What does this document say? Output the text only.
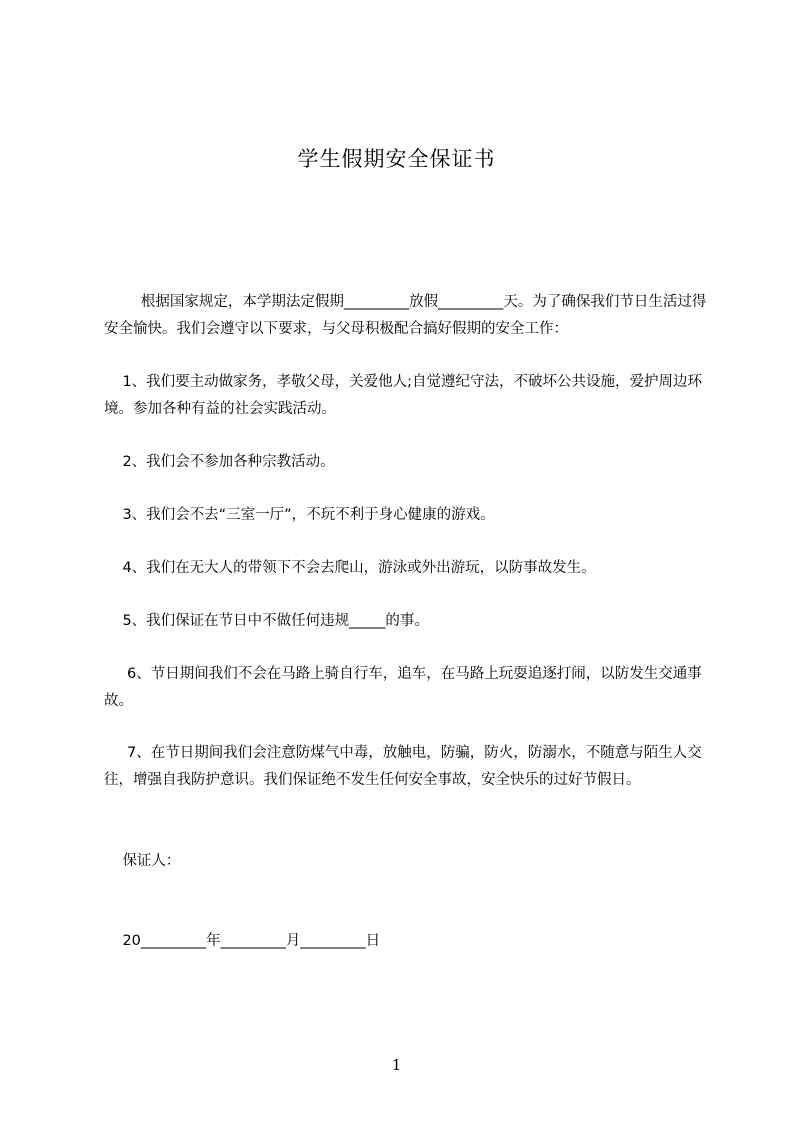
学生假期安全保证书
根据国家规定，本学期法定假期_________放假_________天。为了确保我们节日生活过得安全愉快。我们会遵守以下要求，与父母积极配合搞好假期的安全工作：
1、我们要主动做家务，孝敬父母，关爱他人;自觉遵纪守法，不破坏公共设施，爱护周边环境。参加各种有益的社会实践活动。
2、我们会不参加各种宗教活动。
3、我们会不去“三室一厅”，不玩不利于身心健康的游戏。
4、我们在无大人的带领下不会去爬山，游泳或外出游玩，以防事故发生。
5、我们保证在节日中不做任何违规_____的事。
6、节日期间我们不会在马路上骑自行车，追车，在马路上玩耍追逐打闹，以防发生交通事故。
7、在节日期间我们会注意防煤气中毒，放触电，防骗，防火，防溺水，不随意与陌生人交往，增强自我防护意识。我们保证绝不发生任何安全事故，安全快乐的过好节假日。
保证人：
20_________年_________月_________日
1
